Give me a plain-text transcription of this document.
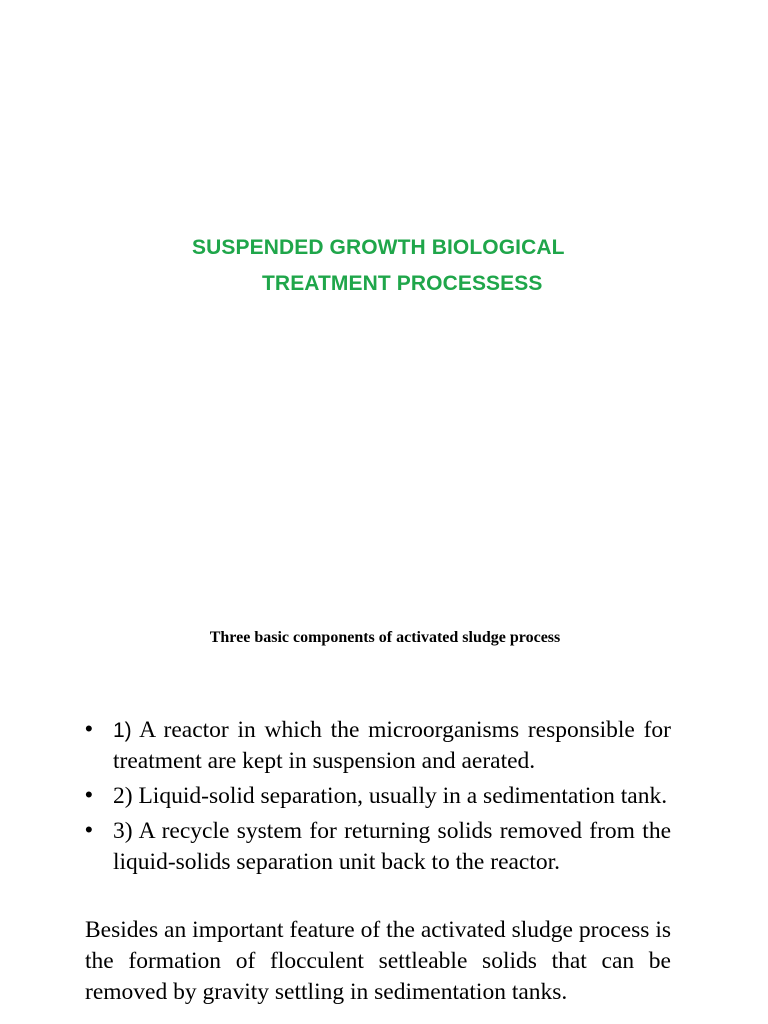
SUSPENDED GROWTH BIOLOGICAL
TREATMENT PROCESSESS
Three basic components of activated sludge process
• 1) A reactor in which the microorganisms responsible for treatment are kept in suspension and aerated.
• 2) Liquid-solid separation, usually in a sedimentation tank.
• 3) A recycle system for returning solids removed from the liquid-solids separation unit back to the reactor.

Besides an important feature of the activated sludge process is the formation of flocculent settleable solids that can be removed by gravity settling in sedimentation tanks.
